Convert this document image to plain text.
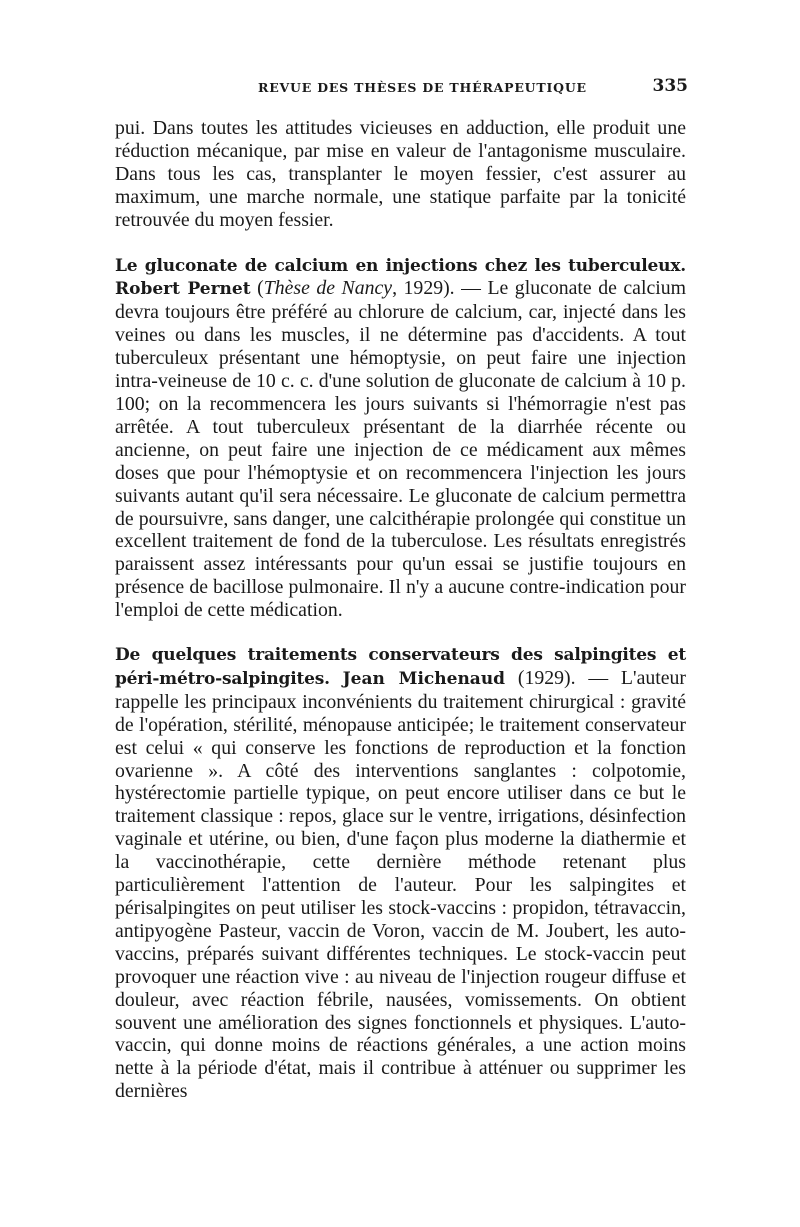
REVUE DES THÈSES DE THÉRAPEUTIQUE	335

pui. Dans toutes les attitudes vicieuses en adduction, elle produit une réduction mécanique, par mise en valeur de l'antagonisme musculaire. Dans tous les cas, transplanter le moyen fessier, c'est assurer au maximum, une marche normale, une statique parfaite par la tonicité retrouvée du moyen fessier.

Le gluconate de calcium en injections chez les tuberculeux. Robert Pernet (Thèse de Nancy, 1929). — Le gluconate de calcium devra toujours être préféré au chlorure de calcium, car, injecté dans les veines ou dans les muscles, il ne détermine pas d'accidents. A tout tuberculeux présentant une hémoptysie, on peut faire une injection intra-veineuse de 10 c. c. d'une solution de gluconate de calcium à 10 p. 100; on la recommencera les jours suivants si l'hémorragie n'est pas arrêtée. A tout tuberculeux présentant de la diarrhée récente ou ancienne, on peut faire une injection de ce médicament aux mêmes doses que pour l'hémoptysie et on recommencera l'injection les jours suivants autant qu'il sera nécessaire. Le gluconate de calcium permettra de poursuivre, sans danger, une calcithérapie prolongée qui constitue un excellent traitement de fond de la tuberculose. Les résultats enregistrés paraissent assez intéressants pour qu'un essai se justifie toujours en présence de bacillose pulmonaire. Il n'y a aucune contre-indication pour l'emploi de cette médication.

De quelques traitements conservateurs des salpingites et péri-métro-salpingites. Jean Michenaud (1929). — L'auteur rappelle les principaux inconvénients du traitement chirurgical : gravité de l'opération, stérilité, ménopause anticipée; le traitement conservateur est celui « qui conserve les fonctions de reproduction et la fonction ovarienne ». A côté des interventions sanglantes : colpotomie, hystérectomie partielle typique, on peut encore utiliser dans ce but le traitement classique : repos, glace sur le ventre, irrigations, désinfection vaginale et utérine, ou bien, d'une façon plus moderne la diathermie et la vaccinothérapie, cette dernière méthode retenant plus particulièrement l'attention de l'auteur. Pour les salpingites et périsalpingites on peut utiliser les stock-vaccins : propidon, tétravaccin, antipyogène Pasteur, vaccin de Voron, vaccin de M. Joubert, les auto-vaccins, préparés suivant différentes techniques. Le stock-vaccin peut provoquer une réaction vive : au niveau de l'injection rougeur diffuse et douleur, avec réaction fébrile, nausées, vomissements. On obtient souvent une amélioration des signes fonctionnels et physiques. L'auto-vaccin, qui donne moins de réactions générales, a une action moins nette à la période d'état, mais il contribue à atténuer ou supprimer les dernières
